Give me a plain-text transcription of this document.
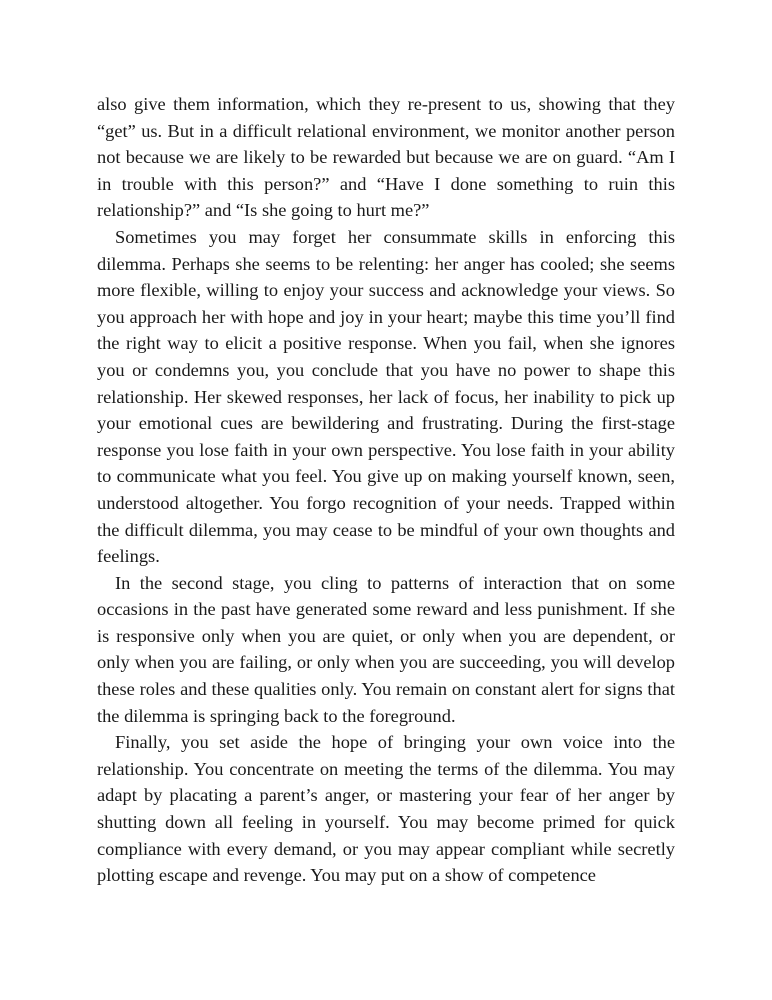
also give them information, which they re-present to us, showing that they “get” us. But in a difficult relational environment, we monitor another person not because we are likely to be rewarded but because we are on guard. “Am I in trouble with this person?” and “Have I done something to ruin this relationship?” and “Is she going to hurt me?”

Sometimes you may forget her consummate skills in enforcing this dilemma. Perhaps she seems to be relenting: her anger has cooled; she seems more flexible, willing to enjoy your success and acknowledge your views. So you approach her with hope and joy in your heart; maybe this time you’ll find the right way to elicit a positive response. When you fail, when she ignores you or condemns you, you conclude that you have no power to shape this relationship. Her skewed responses, her lack of focus, her inability to pick up your emotional cues are bewildering and frustrating. During the first-stage response you lose faith in your own perspective. You lose faith in your ability to communicate what you feel. You give up on making yourself known, seen, understood altogether. You forgo recognition of your needs. Trapped within the difficult dilemma, you may cease to be mindful of your own thoughts and feelings.

In the second stage, you cling to patterns of interaction that on some occasions in the past have generated some reward and less punishment. If she is responsive only when you are quiet, or only when you are dependent, or only when you are failing, or only when you are succeeding, you will develop these roles and these qualities only. You remain on constant alert for signs that the dilemma is springing back to the foreground.

Finally, you set aside the hope of bringing your own voice into the relationship. You concentrate on meeting the terms of the dilemma. You may adapt by placating a parent’s anger, or mastering your fear of her anger by shutting down all feeling in yourself. You may become primed for quick compliance with every demand, or you may appear compliant while secretly plotting escape and revenge. You may put on a show of competence
